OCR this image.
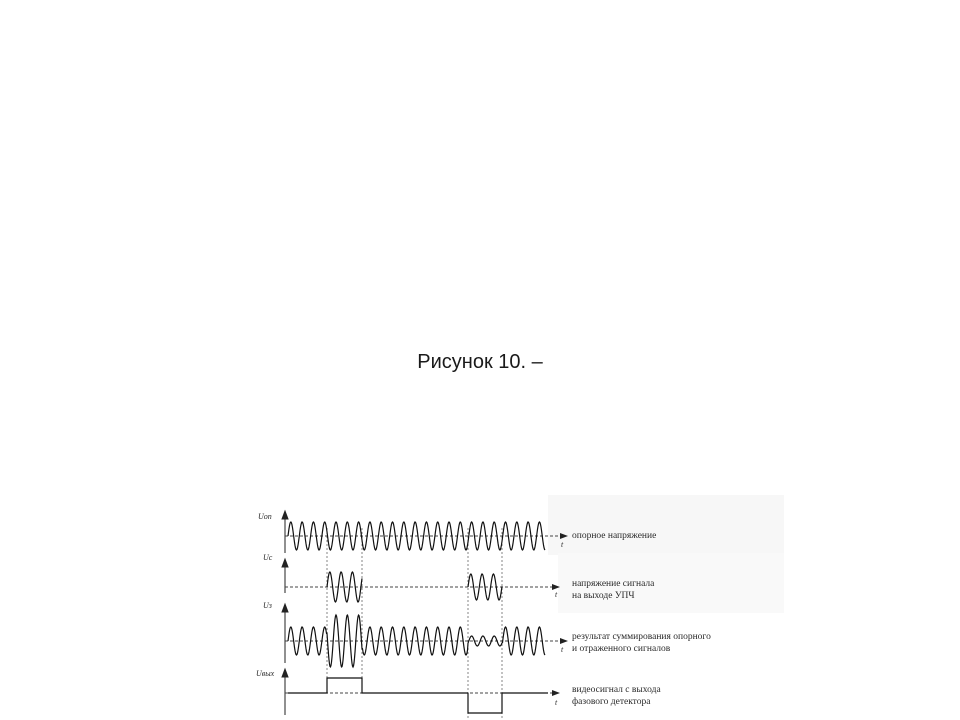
Рисунок 10. –
Uоп
Uс
Uз
Uвых
t
t
t
t
опорное напряжение
напряжение сигнала
на выходе УПЧ
результат суммирования опорного
и отраженного сигналов
видеосигнал с выхода
фазового детектора
